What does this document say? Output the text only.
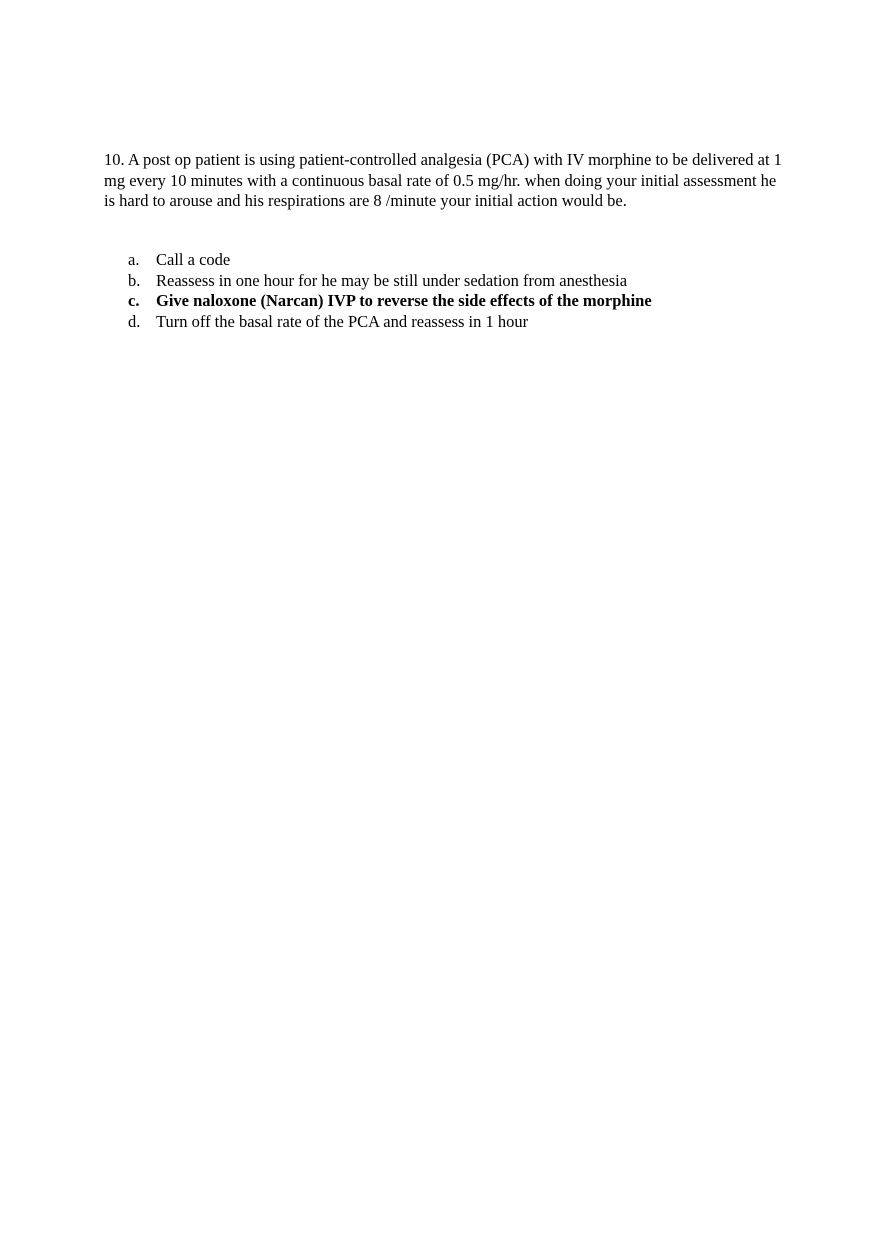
10. A post op patient is using patient-controlled analgesia (PCA) with IV morphine to be delivered at 1 mg every 10 minutes with a continuous basal rate of 0.5 mg/hr. when doing your initial assessment he is hard to arouse and his respirations are 8 /minute your initial action would be.

a. Call a code
b. Reassess in one hour for he may be still under sedation from anesthesia
c. Give naloxone (Narcan) IVP to reverse the side effects of the morphine
d. Turn off the basal rate of the PCA and reassess in 1 hour
